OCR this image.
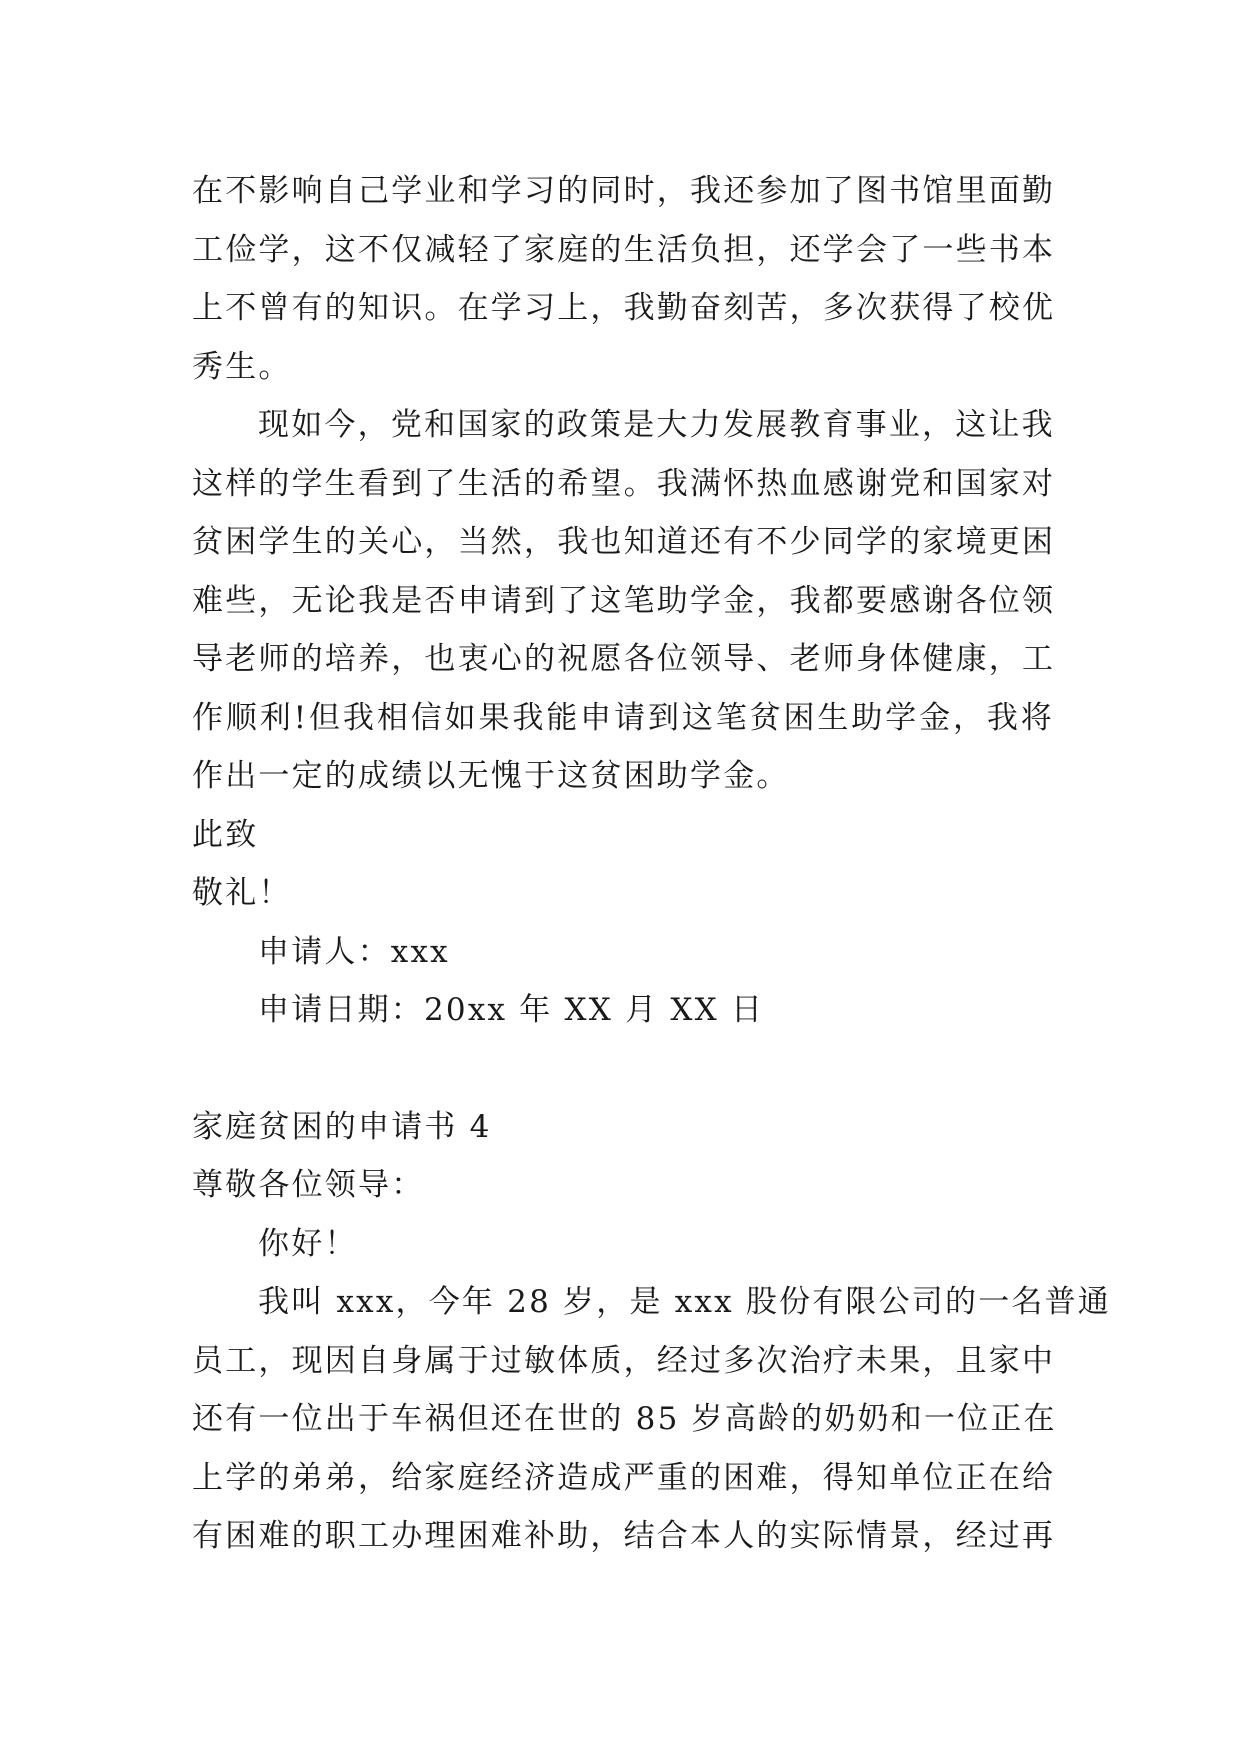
在不影响自己学业和学习的同时，我还参加了图书馆里面勤
工俭学，这不仅减轻了家庭的生活负担，还学会了一些书本
上不曾有的知识。在学习上，我勤奋刻苦，多次获得了校优
秀生。
现如今，党和国家的政策是大力发展教育事业，这让我
这样的学生看到了生活的希望。我满怀热血感谢党和国家对
贫困学生的关心，当然，我也知道还有不少同学的家境更困
难些，无论我是否申请到了这笔助学金，我都要感谢各位领
导老师的培养，也衷心的祝愿各位领导、老师身体健康，工
作顺利!但我相信如果我能申请到这笔贫困生助学金，我将
作出一定的成绩以无愧于这贫困助学金。
此致
敬礼！
申请人：xxx
申请日期：20xx 年 XX 月 XX 日
家庭贫困的申请书 4
尊敬各位领导：
你好！
我叫 xxx，今年 28 岁，是 xxx 股份有限公司的一名普通
员工，现因自身属于过敏体质，经过多次治疗未果，且家中
还有一位出于车祸但还在世的 85 岁高龄的奶奶和一位正在
上学的弟弟，给家庭经济造成严重的困难，得知单位正在给
有困难的职工办理困难补助，结合本人的实际情景，经过再
